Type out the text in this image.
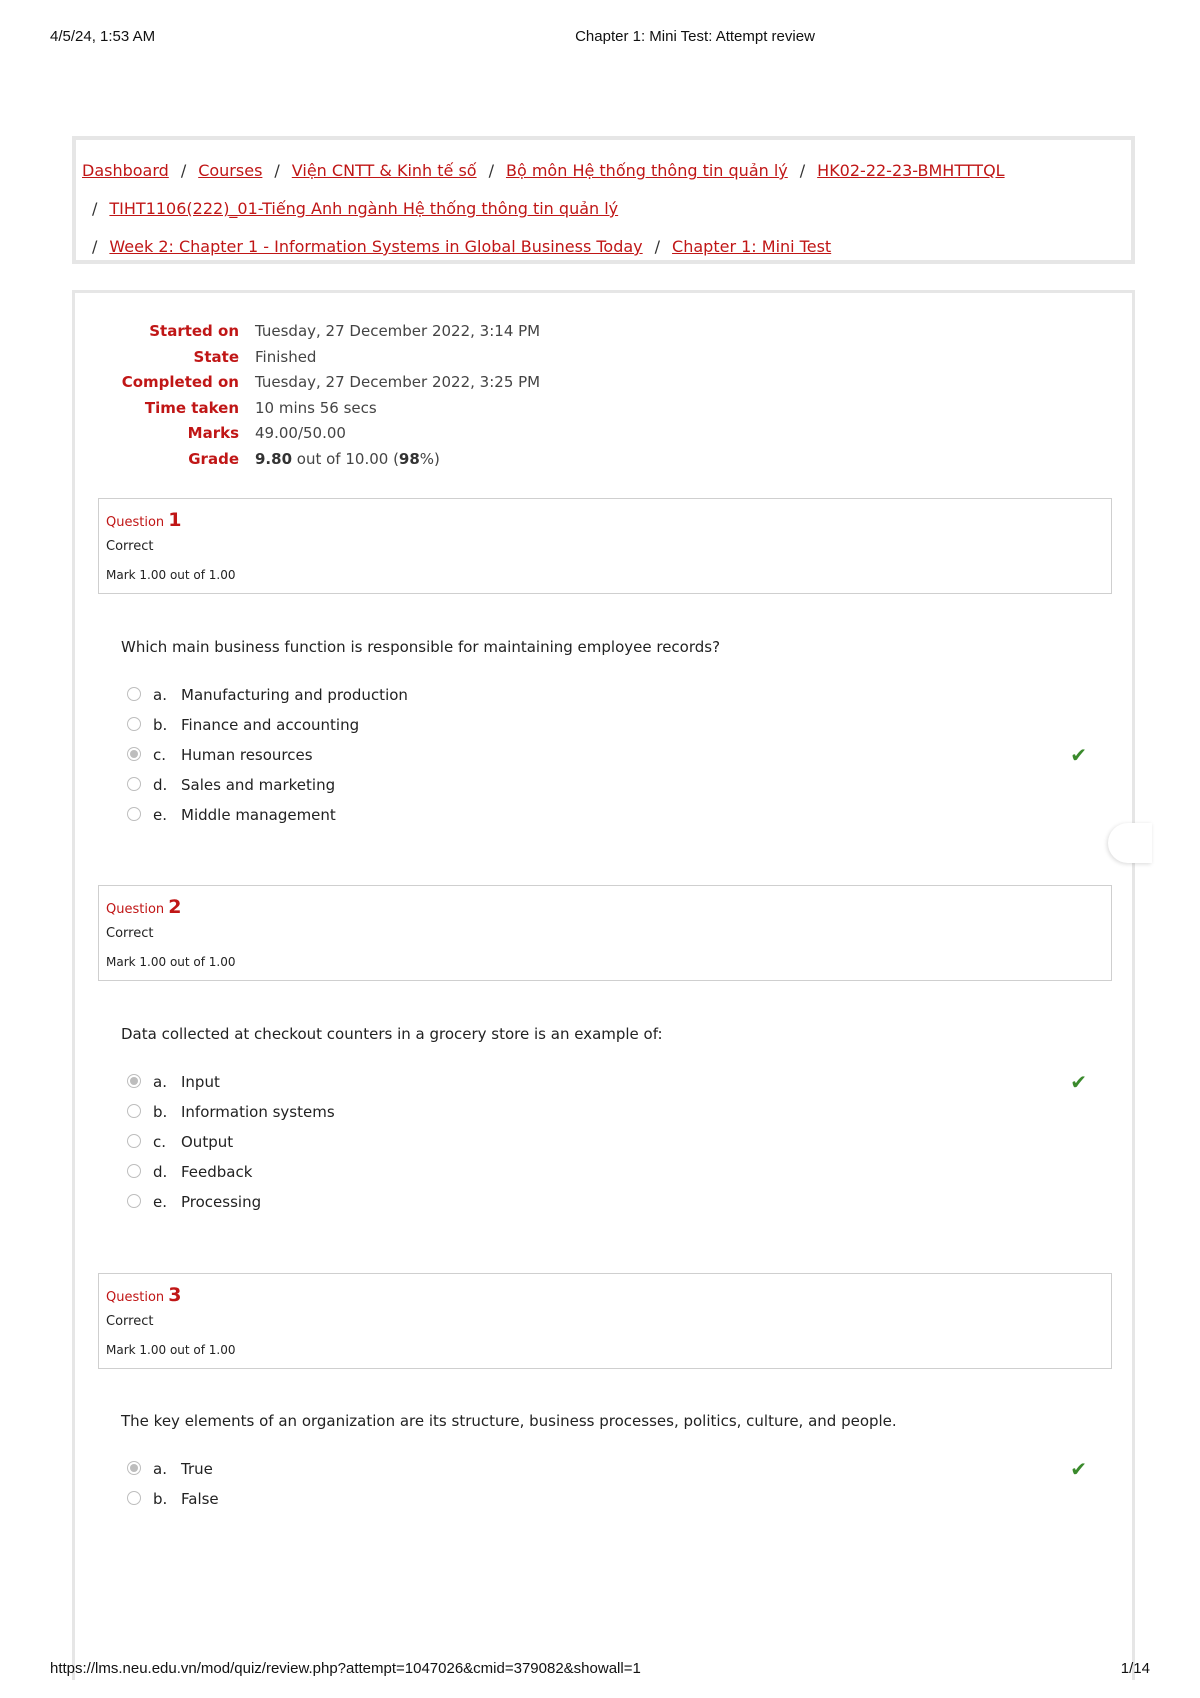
4/5/24, 1:53 AM	Chapter 1: Mini Test: Attempt review
Dashboard / Courses / Viện CNTT & Kinh tế số / Bộ môn Hệ thống thông tin quản lý / HK02-22-23-BMHTTTQL
/ TIHT1106(222)_01-Tiếng Anh ngành Hệ thống thông tin quản lý
/ Week 2: Chapter 1 - Information Systems in Global Business Today / Chapter 1: Mini Test
Started on Tuesday, 27 December 2022, 3:14 PM
State Finished
Completed on Tuesday, 27 December 2022, 3:25 PM
Time taken 10 mins 56 secs
Marks 49.00/50.00
Grade 9.80 out of 10.00 (98%)
Question 1
Correct
Mark 1.00 out of 1.00
Which main business function is responsible for maintaining employee records?
a. Manufacturing and production
b. Finance and accounting
c. Human resources	✔
d. Sales and marketing
e. Middle management
Question 2
Correct
Mark 1.00 out of 1.00
Data collected at checkout counters in a grocery store is an example of:
a. Input	✔
b. Information systems
c. Output
d. Feedback
e. Processing
Question 3
Correct
Mark 1.00 out of 1.00
The key elements of an organization are its structure, business processes, politics, culture, and people.
a. True	✔
b. False
https://lms.neu.edu.vn/mod/quiz/review.php?attempt=1047026&cmid=379082&showall=1	1/14
